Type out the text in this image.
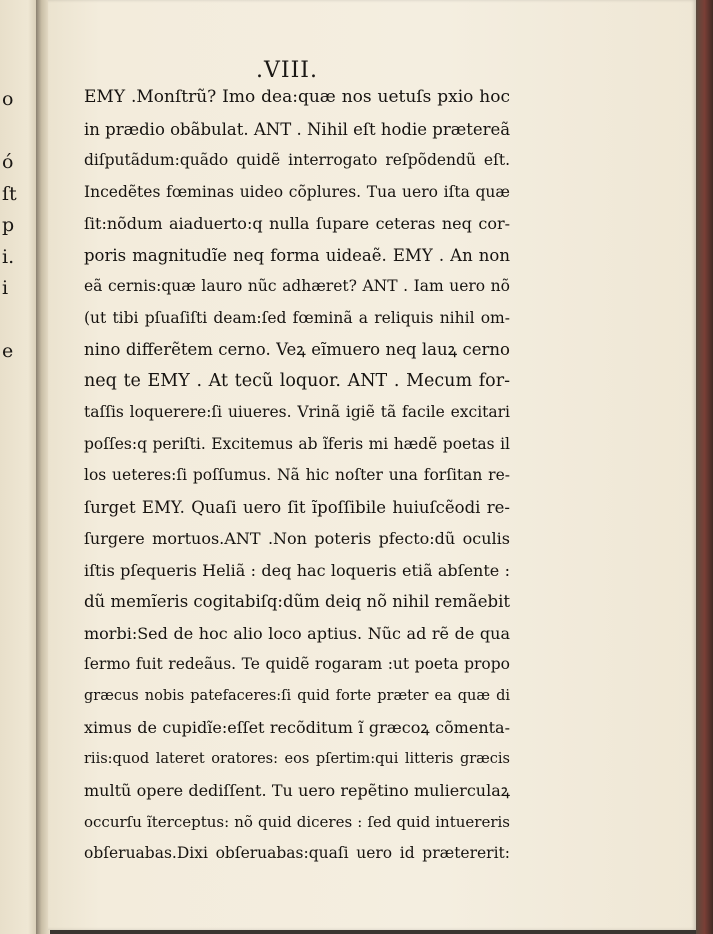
o
ó
ſt
p
i.
i
e
.VIII.
EMY .Monſtrũ? Imo dea:quæ nos uetuſs pxio hoc
in prædio obãbulat. ANT . Nihil eſt hodie prætereã
diſputãdum:quãdo quidẽ interrogato reſpõdendũ eſt.
Incedẽtes fœminas uideo cõplures. Tua uero iſta quæ
ſit:nõdum aiaduerto:q nulla ſupare ceteras neq cor-
poris magnitudĩe neq forma uideaẽ. EMY . An non
eã cernis:quæ lauro nũc adhæret? ANT . Iam uero nõ
(ut tibi pſuaſiſti deam:ſed fœminã a reliquis nihil om-
nino differẽtem cerno. Veꝝ eĩmuero neq lauꝝ cerno
neq te EMY . At tecũ loquor. ANT . Mecum for-
taſſis loquerere:ſi uiueres. Vrinã igiẽ tã facile excitari
poſſes:q periſti. Excitemus ab ĩferis mi hædẽ poetas il
los ueteres:ſi poſſumus. Nã hic noſter una forſitan re-
ſurget EMY. Quaſi uero ſit ĩpoſſibile huiuſcẽodi re-
ſurgere mortuos.ANT .Non poteris pfecto:dũ oculis
iſtis pſequeris Heliã : deq hac loqueris etiã abſente :
dũ memĩeris cogitabiſq:dũm deiq nõ nihil remãebit
morbi:Sed de hoc alio loco aptius. Nũc ad rẽ de qua
ſermo fuit redeãus. Te quidẽ rogaram :ut poeta propo
græcus nobis patefaceres:ſi quid forte præter ea quæ di
ximus de cupidĩe:eſſet recõditum ĩ græcoꝝ cõmenta-
riis:quod lateret oratores: eos pſertim:qui litteris græcis
multũ opere dediſſent. Tu uero repẽtino mulierculaꝝ
occurſu ĩterceptus: nõ quid diceres : ſed quid intuereris
obſeruabas.Dixi obſeruabas:quaſi uero id prætererit:
